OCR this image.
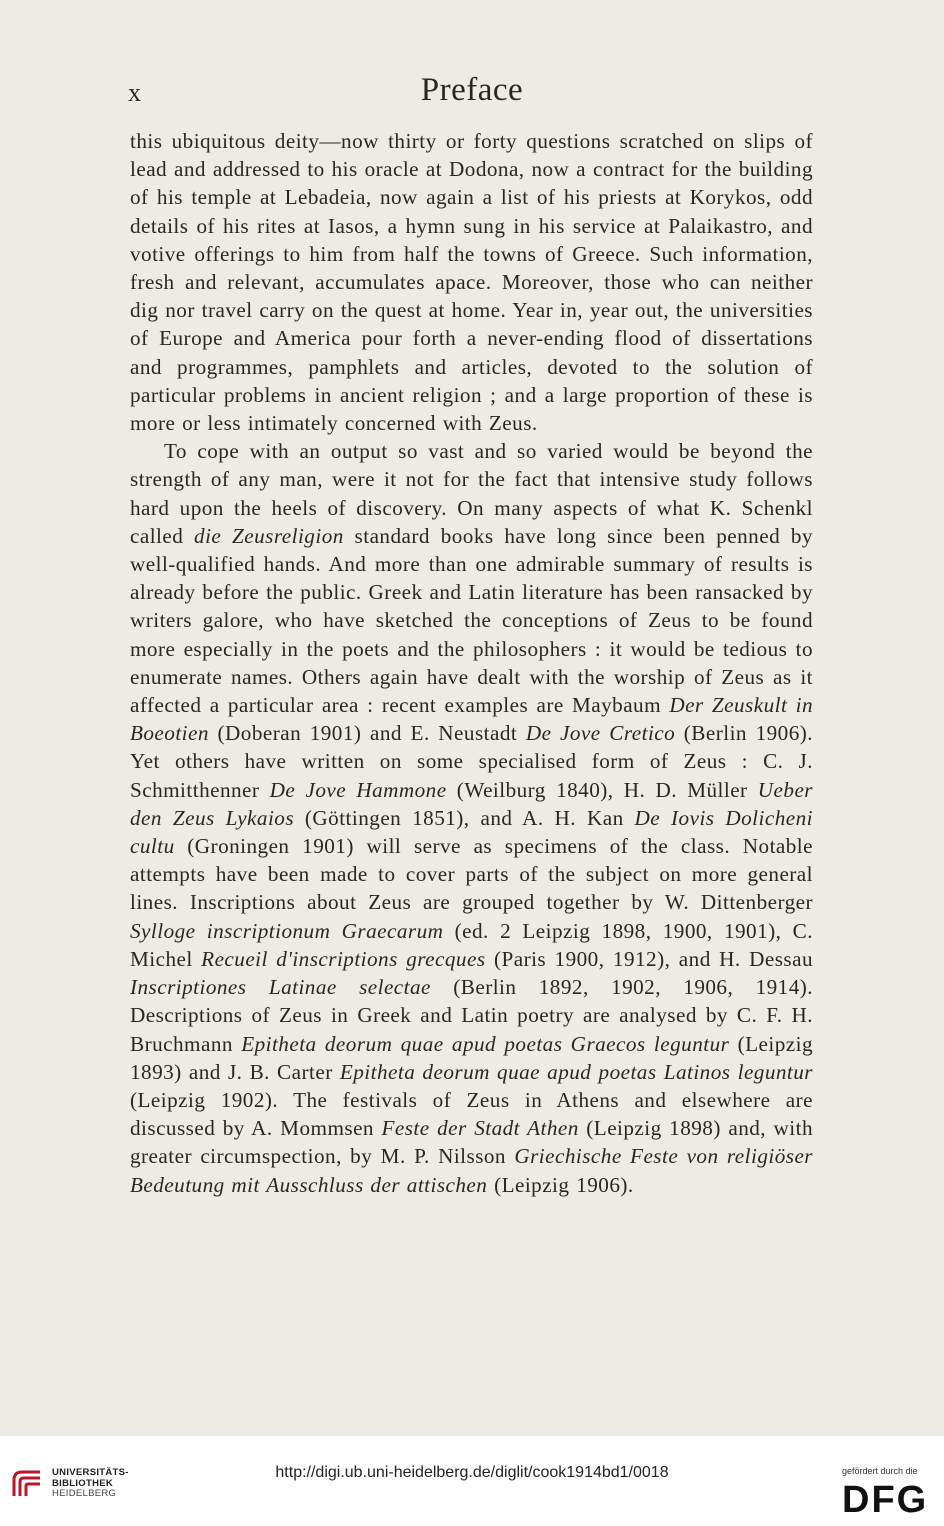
x	Preface

this ubiquitous deity—now thirty or forty questions scratched on slips of lead and addressed to his oracle at Dodona, now a contract for the building of his temple at Lebadeia, now again a list of his priests at Korykos, odd details of his rites at Iasos, a hymn sung in his service at Palaikastro, and votive offerings to him from half the towns of Greece. Such information, fresh and relevant, accumulates apace. Moreover, those who can neither dig nor travel carry on the quest at home. Year in, year out, the universities of Europe and America pour forth a never-ending flood of dissertations and programmes, pamphlets and articles, devoted to the solution of particular problems in ancient religion ; and a large proportion of these is more or less intimately concerned with Zeus.

To cope with an output so vast and so varied would be beyond the strength of any man, were it not for the fact that intensive study follows hard upon the heels of discovery. On many aspects of what K. Schenkl called die Zeusreligion standard books have long since been penned by well-qualified hands. And more than one admirable summary of results is already before the public. Greek and Latin literature has been ransacked by writers galore, who have sketched the conceptions of Zeus to be found more especially in the poets and the philosophers : it would be tedious to enumerate names. Others again have dealt with the worship of Zeus as it affected a particular area : recent examples are Maybaum Der Zeuskult in Boeotien (Doberan 1901) and E. Neustadt De Jove Cretico (Berlin 1906). Yet others have written on some specialised form of Zeus : C. J. Schmitthenner De Jove Hammone (Weilburg 1840), H. D. Müller Ueber den Zeus Lykaios (Göttingen 1851), and A. H. Kan De Iovis Dolicheni cultu (Groningen 1901) will serve as specimens of the class. Notable attempts have been made to cover parts of the subject on more general lines. Inscriptions about Zeus are grouped together by W. Dittenberger Sylloge inscriptionum Graecarum (ed. 2 Leipzig 1898, 1900, 1901), C. Michel Recueil d'inscriptions grecques (Paris 1900, 1912), and H. Dessau Inscriptiones Latinae selectae (Berlin 1892, 1902, 1906, 1914). Descriptions of Zeus in Greek and Latin poetry are analysed by C. F. H. Bruchmann Epitheta deorum quae apud poetas Graecos leguntur (Leipzig 1893) and J. B. Carter Epitheta deorum quae apud poetas Latinos leguntur (Leipzig 1902). The festivals of Zeus in Athens and elsewhere are discussed by A. Mommsen Feste der Stadt Athen (Leipzig 1898) and, with greater circumspection, by M. P. Nilsson Griechische Feste von religiöser Bedeutung mit Ausschluss der attischen (Leipzig 1906).

UNIVERSITÄTS-
BIBLIOTHEK
HEIDELBERG
http://digi.ub.uni-heidelberg.de/diglit/cook1914bd1/0018	gefördert durch die
DFG
